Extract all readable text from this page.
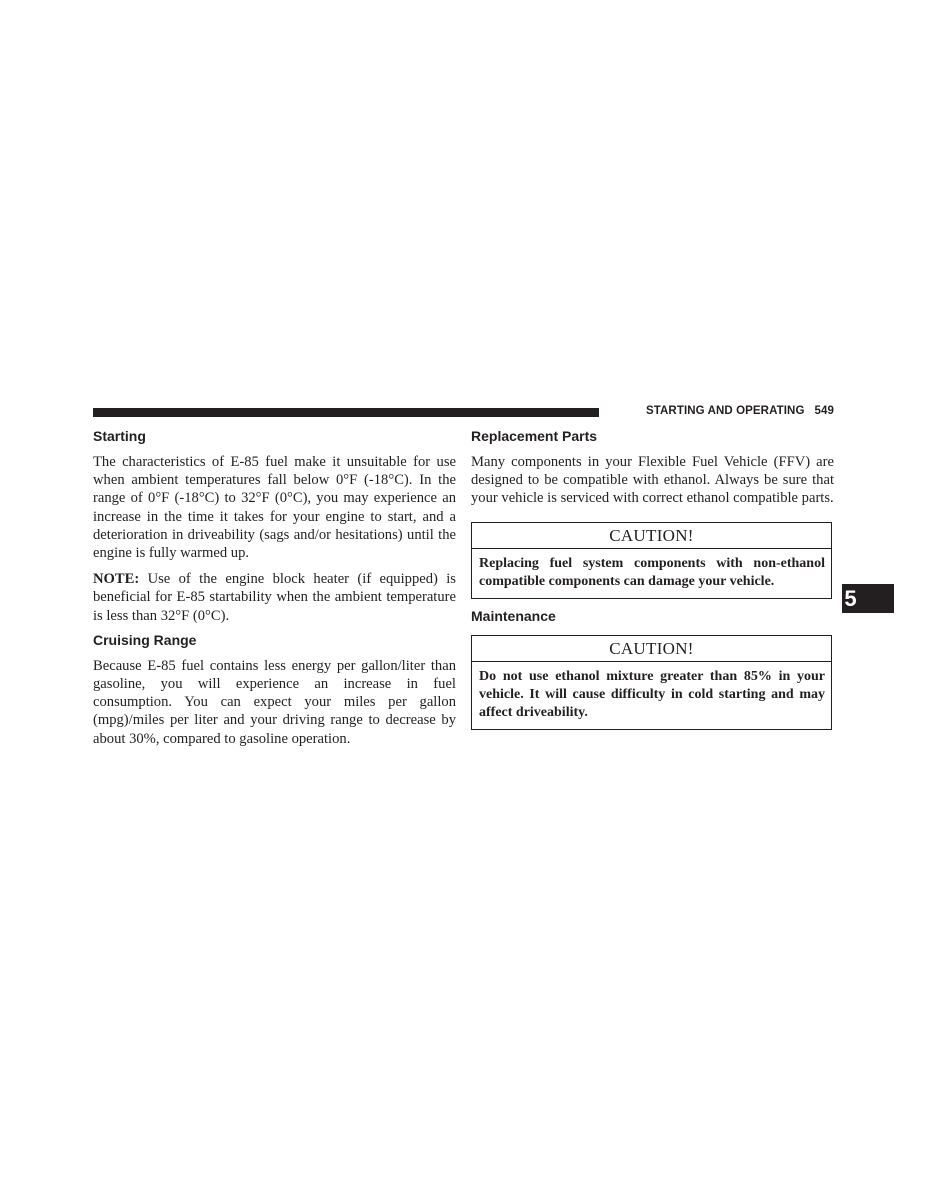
STARTING AND OPERATING 549
Starting

The characteristics of E-85 fuel make it unsuitable for use when ambient temperatures fall below 0°F (-18°C). In the range of 0°F (-18°C) to 32°F (0°C), you may experience an increase in the time it takes for your engine to start, and a deterioration in driveability (sags and/or hesitations) until the engine is fully warmed up.

NOTE: Use of the engine block heater (if equipped) is beneficial for E-85 startability when the ambient temperature is less than 32°F (0°C).

Cruising Range

Because E-85 fuel contains less energy per gallon/liter than gasoline, you will experience an increase in fuel consumption. You can expect your miles per gallon (mpg)/miles per liter and your driving range to decrease by about 30%, compared to gasoline operation.

Replacement Parts

Many components in your Flexible Fuel Vehicle (FFV) are designed to be compatible with ethanol. Always be sure that your vehicle is serviced with correct ethanol compatible parts.

CAUTION!
Replacing fuel system components with non-ethanol compatible components can damage your vehicle.
Maintenance
CAUTION!
Do not use ethanol mixture greater than 85% in your vehicle. It will cause difficulty in cold starting and may affect driveability.
5
